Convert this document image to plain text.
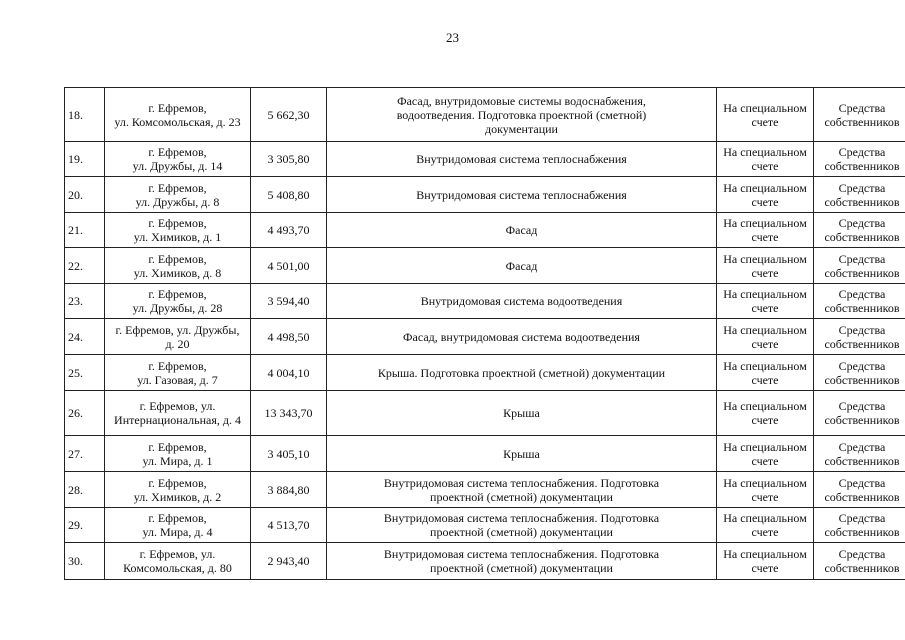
23
18.	г. Ефремов,
ул. Комсомольская, д. 23	5 662,30	Фасад, внутридомовые системы водоснабжения,
водоотведения. Подготовка проектной (сметной)
документации	На специальном
счете	Средства
собственников

19.	г. Ефремов,
ул. Дружбы, д. 14	3 305,80	Внутридомовая система теплоснабжения	На специальном
счете	Средства
собственников

20.	г. Ефремов,
ул. Дружбы, д. 8	5 408,80	Внутридомовая система теплоснабжения	На специальном
счете	Средства
собственников

21.	г. Ефремов,
ул. Химиков, д. 1	4 493,70	Фасад	На специальном
счете	Средства
собственников

22.	г. Ефремов,
ул. Химиков, д. 8	4 501,00	Фасад	На специальном
счете	Средства
собственников

23.	г. Ефремов,
ул. Дружбы, д. 28	3 594,40	Внутридомовая система водоотведения	На специальном
счете	Средства
собственников

24.	г. Ефремов, ул. Дружбы,
д. 20	4 498,50	Фасад, внутридомовая система водоотведения	На специальном
счете	Средства
собственников

25.	г. Ефремов,
ул. Газовая, д. 7	4 004,10	Крыша. Подготовка проектной (сметной) документации	На специальном
счете	Средства
собственников

26.	г. Ефремов, ул.
Интернациональная, д. 4	13 343,70	Крыша	На специальном
счете	Средства
собственников

27.	г. Ефремов,
ул. Мира, д. 1	3 405,10	Крыша	На специальном
счете	Средства
собственников

28.	г. Ефремов,
ул. Химиков, д. 2	3 884,80	Внутридомовая система теплоснабжения. Подготовка
проектной (сметной) документации	На специальном
счете	Средства
собственников

29.	г. Ефремов,
ул. Мира, д. 4	4 513,70	Внутридомовая система теплоснабжения. Подготовка
проектной (сметной) документации	На специальном
счете	Средства
собственников

30.	г. Ефремов, ул.
Комсомольская, д. 80	2 943,40	Внутридомовая система теплоснабжения. Подготовка
проектной (сметной) документации	На специальном
счете	Средства
собственников
